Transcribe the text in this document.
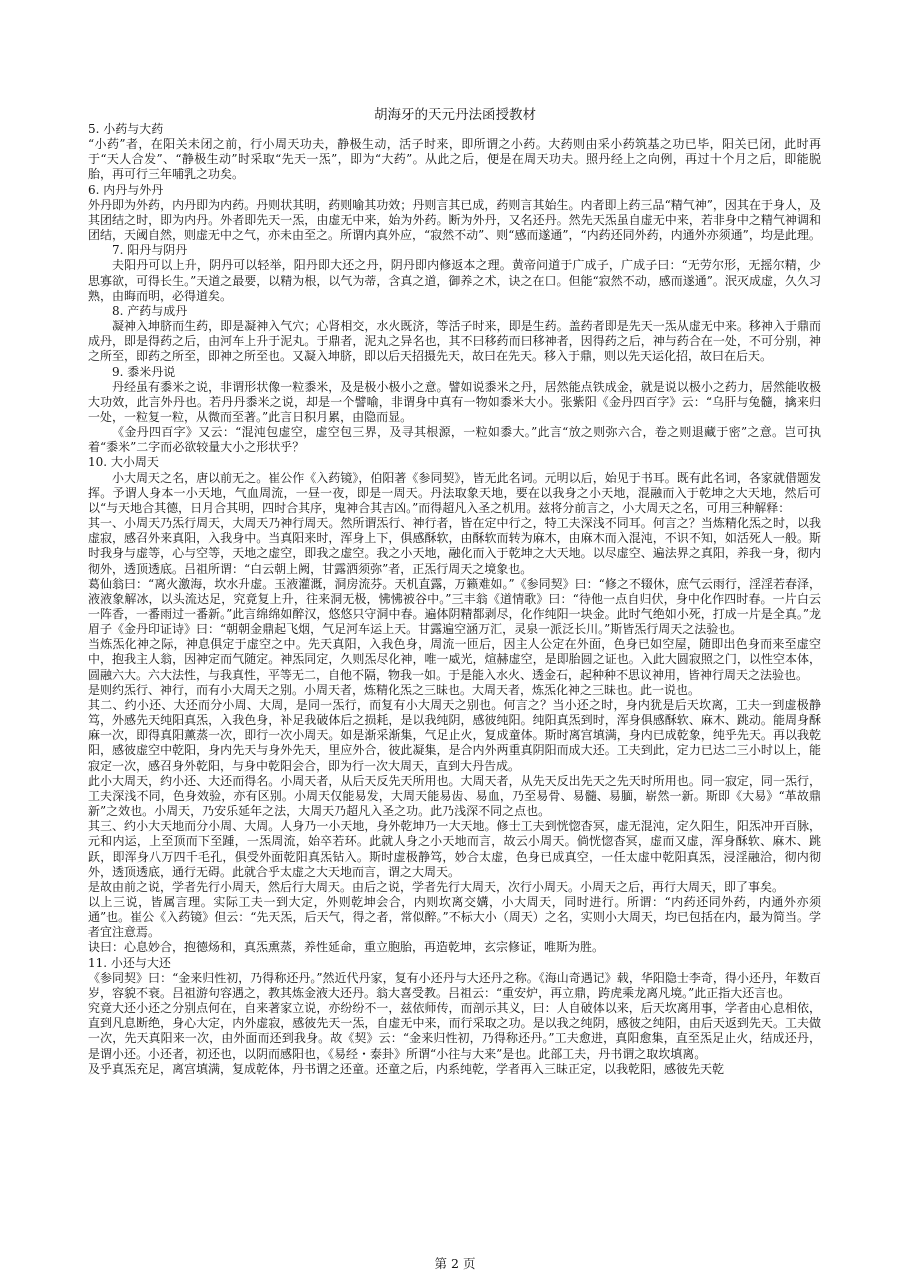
胡海牙的天元丹法函授教材

5. 小药与大药

“小药”者，在阳关未闭之前，行小周天功夫，静极生动，活子时来，即所谓之小药。大药则由采小药筑基之功已毕，阳关已闭，此时再于“天人合发”、“静极生动”时采取“先天一炁”，即为“大药”。从此之后，便是在周天功夫。照丹经上之向例，再过十个月之后，即能脱胎，再可行三年哺乳之功矣。

6. 内丹与外丹

外丹即为外药，内丹即为内药。丹则状其明，药则喻其功效；丹则言其已成，药则言其始生。内者即上药三品“精气神”，因其在于身人，及其团结之时，即为内丹。外者即先天一炁，由虚无中来，始为外药。断为外丹，又名还丹。然先天炁虽自虚无中来，若非身中之精气神调和团结，天阈自然，则虚无中之气，亦未由至之。所谓内真外应，“寂然不动”、则“感而遂通”，“内药还同外药，内通外亦须通”，均是此理。

7. 阳丹与阴丹

夫阳丹可以上升，阴丹可以轻举，阳丹即大还之丹，阴丹即内修返本之理。黄帝问道于广成子，广成子曰：“无劳尔形，无摇尔精，少思寡欲，可得长生。”天道之最要，以精为根，以气为蒂，含真之道，御养之术，诀之在口。但能“寂然不动，感而遂通”。泯灭成虚，久久习熟，由晦而明，必得道矣。

8. 产药与成丹

凝神入坤脐而生药，即是凝神入气穴；心肾相交，水火既济，等活子时来，即是生药。盖药者即是先天一炁从虚无中来。移神入于鼎而成丹，即是得药之后，由河车上升于泥丸。于鼎者，泥丸之异名也，其不曰移药而曰移神者，因得药之后，神与药合在一处，不可分别，神之所至，即药之所至，即神之所至也。又凝入坤脐，即以后天招摄先天，故曰在先天。移入于鼎，则以先天运化招，故曰在后天。

9. 黍米丹说

丹经虽有黍米之说，非谓形状像一粒黍米，及是极小极小之意。譬如说黍米之丹，居然能点铁成金，就是说以极小之药力，居然能收极大功效，此言外丹也。若丹丹黍米之说，却是一个譬喻，非谓身中真有一物如黍米大小。张紫阳《金丹四百字》云：“乌肝与兔髓，擒来归一处，一粒复一粒，从微而至著。”此言日积月累，由隐而显。

《金丹四百字》又云：“混沌包虚空，虚空包三界，及寻其根源，一粒如黍大。”此言“放之则弥六合，卷之则退藏于密”之意。岂可执着“黍米”二字而必欲较量大小之形状乎？

10. 大小周天

小大周天之名，唐以前无之。崔公作《入药镜》，伯阳著《参同契》，皆无此名词。元明以后，始见于书耳。既有此名词，各家就借题发挥。予谓人身本一小天地，气血周流，一昼一夜，即是一周天。丹法取象天地，要在以我身之小天地，混融而入于乾坤之大天地，然后可以“与天地合其德，日月合其明，四时合其序，鬼神合其吉凶。”而得超凡入圣之机用。兹将分前言之，小大周天之名，可用三种解释：

其一、小周天乃炁行周天，大周天乃神行周天。然所谓炁行、神行者，皆在定中行之，特工夫深浅不同耳。何言之？当炼精化炁之时，以我虚寂，感召外来真阳，入我身中。当真阳来时，浑身上下，俱感酥软，由酥软而转为麻木，由麻木而入混沌，不识不知，如活死人一般。斯时我身与虚等，心与空等，天地之虚空，即我之虚空。我之小天地，融化而入于乾坤之大天地。以尽虚空、遍法界之真阳，养我一身，彻内彻外，透顶透底。吕祖所谓：“白云朝上阙，甘露洒须弥”者，正炁行周天之境象也。

葛仙翁曰：“离火激海，坎水升虚。玉液灌溉，洞房流芬。天机直露，万籁难如。”《参同契》曰：“修之不辍休，庶气云雨行，淫淫若春泽，液液象解冰，以头流达足，究竟复上升，往来洞无极，怫怫被谷中。”三丰翁《道情歌》曰：“待他一点自归伏，身中化作四时春。一片白云一阵香，一番雨过一番新。”此言绵绵如醉汉，悠悠只守洞中春。遍体阴精都剥尽，化作纯阳一块金。此时气绝如小死，打成一片是全真。”龙眉子《金丹印证诗》曰：“朝朝金鼎起飞烟，气足河车运上天。甘露遍空涵万汇，灵泉一派泛长川。”斯皆炁行周天之法验也。

当炼炁化神之际，神息俱定于虚空之中。先天真阳，入我色身，周流一匝后，因主人公定在外面，色身已如空屋，随即出色身而来至虚空中，抱我主人翁，因神定而气随定。神炁同定，久则炁尽化神，唯一威光，煊赫虚空，是即胎圆之证也。入此大圆寂照之门，以性空本体，圆融六大。六大法性，与我真性，平等无二，自他不隔，物我一如。于是能入水火、透金石，起种种不思议神用，皆神行周天之法验也。

是则约炁行、神行，而有小大周天之别。小周天者，炼精化炁之三昧也。大周天者，炼炁化神之三昧也。此一说也。

其二、约小还、大还而分小周、大周，是同一炁行，而复有小大周天之别也。何言之？当小还之时，身内犹是后天坎离，工夫一到虚极静笃，外感先天纯阳真炁，入我色身，补足我破体后之损耗，是以我纯阴，感彼纯阳。纯阳真炁到时，浑身俱感酥软、麻木、跳动。能周身酥麻一次，即得真阳薰蒸一次，即行一次小周天。如是渐采渐集，气足止火，复成童体。斯时离宫填满，身内已成乾象，纯乎先天。再以我乾阳，感彼虚空中乾阳，身内先天与身外先天，里应外合，彼此凝集，是合内外两重真阴阳而成大还。工夫到此，定力已达二三小时以上，能寂定一次，感召身外乾阳，与身中乾阳会合，即为行一次大周天，直到大丹告成。

此小大周天，约小还、大还而得名。小周天者，从后天反先天所用也。大周天者，从先天反出先天之先天时所用也。同一寂定，同一炁行，工夫深浅不同，色身效验，亦有区别。小周天仅能易发，大周天能易齿、易血，乃至易骨、易髓、易腼，崭然一新。斯即《大易》“革故鼎新”之效也。小周天，乃安乐延年之法，大周天乃超凡入圣之功。此乃浅深不同之点也。

其三、约小大天地而分小周、大周。人身乃一小天地，身外乾坤乃一大天地。修士工夫到恍惚杳冥，虚无混沌，定久阳生，阳炁冲开百脉，元和内运，上至顶而下至踵，一炁周流，始卒若环。此就人身之小天地而言，故云小周天。倘恍惚杳冥，虚而又虚，浑身酥软、麻木、跳跃，即浑身八万四千毛孔，俱受外面乾阳真炁钻入。斯时虚极静笃，妙合太虚，色身已成真空，一任太虚中乾阳真炁，浸淫融洽，彻内彻外，透顶透底，通行无碍。此就合乎太虚之大天地而言，谓之大周天。

是故由前之说，学者先行小周天，然后行大周天。由后之说，学者先行大周天，次行小周天。小周天之后，再行大周天，即了事矣。

以上三说，皆属言理。实际工夫一到大定，外则乾坤会合，内则坎离交媾，小大周天，同时进行。所谓：“内药还同外药，内通外亦须通”也。崔公《入药镜》但云：“先天炁，后天气，得之者，常似醉。”不标大小（周天）之名，实则小大周天，均已包括在内，最为简当。学者宜注意焉。

诀曰：心息妙合，抱德炀和，真炁熏蒸，养性延命，重立胞胎，再造乾坤，玄宗修证，唯斯为胜。

11. 小还与大还

《参同契》曰：“金来归性初，乃得称还丹。”然近代丹家，复有小还丹与大还丹之称。《海山奇遇记》载，华阳隐士李奇，得小还丹，年数百岁，容貌不衰。吕祖游句容遇之，教其炼金液大还丹。翁大喜受教。吕祖云：“重安炉，再立鼎，跨虎乘龙离凡境。”此正指大还言也。

究竟大还小还之分别点何在，自来著家立说，亦纷纷不一，兹依师传，而剖示其义，曰：人自破体以来，后天坎离用事，学者由心息相依，直到凡息断绝，身心大定，内外虚寂，感彼先天一炁，自虚无中来，而行采取之功。是以我之纯阴，感彼之纯阳，由后天返到先天。工夫做一次，先天真阳来一次，由外面而还到我身。故《契》云：“金来归性初，乃得称还丹。”工夫愈进，真阳愈集，直至炁足止火，结成还丹，是谓小还。小还者，初还也，以阴而感阳也，《易经・泰卦》所谓“小往与大来”是也。此部工夫，丹书谓之取坎填离。

及乎真炁充足，离宫填满，复成乾体，丹书谓之还童。还童之后，内系纯乾，学者再入三昧正定，以我乾阳，感彼先天乾

第 2 页
